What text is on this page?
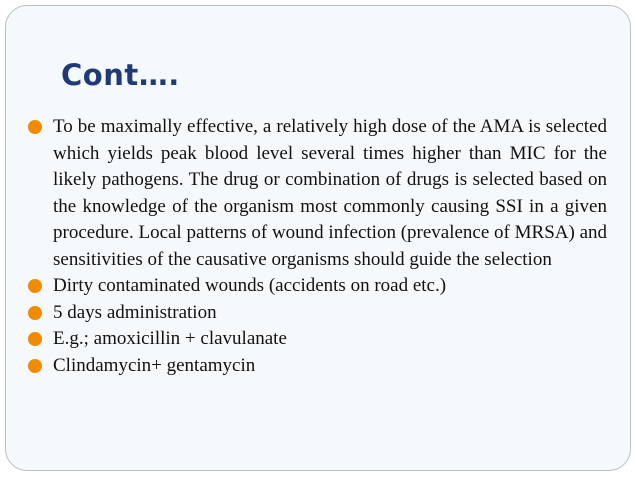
Cont….
To be maximally effective, a relatively high dose of the AMA is selected which yields peak blood level several times higher than MIC for the likely pathogens. The drug or combination of drugs is selected based on the knowledge of the organism most commonly causing SSI in a given procedure. Local patterns of wound infection (prevalence of MRSA) and sensitivities of the causative organisms should guide the selection
Dirty contaminated wounds (accidents on road etc.)
5 days administration
E.g.; amoxicillin + clavulanate
Clindamycin+ gentamycin
